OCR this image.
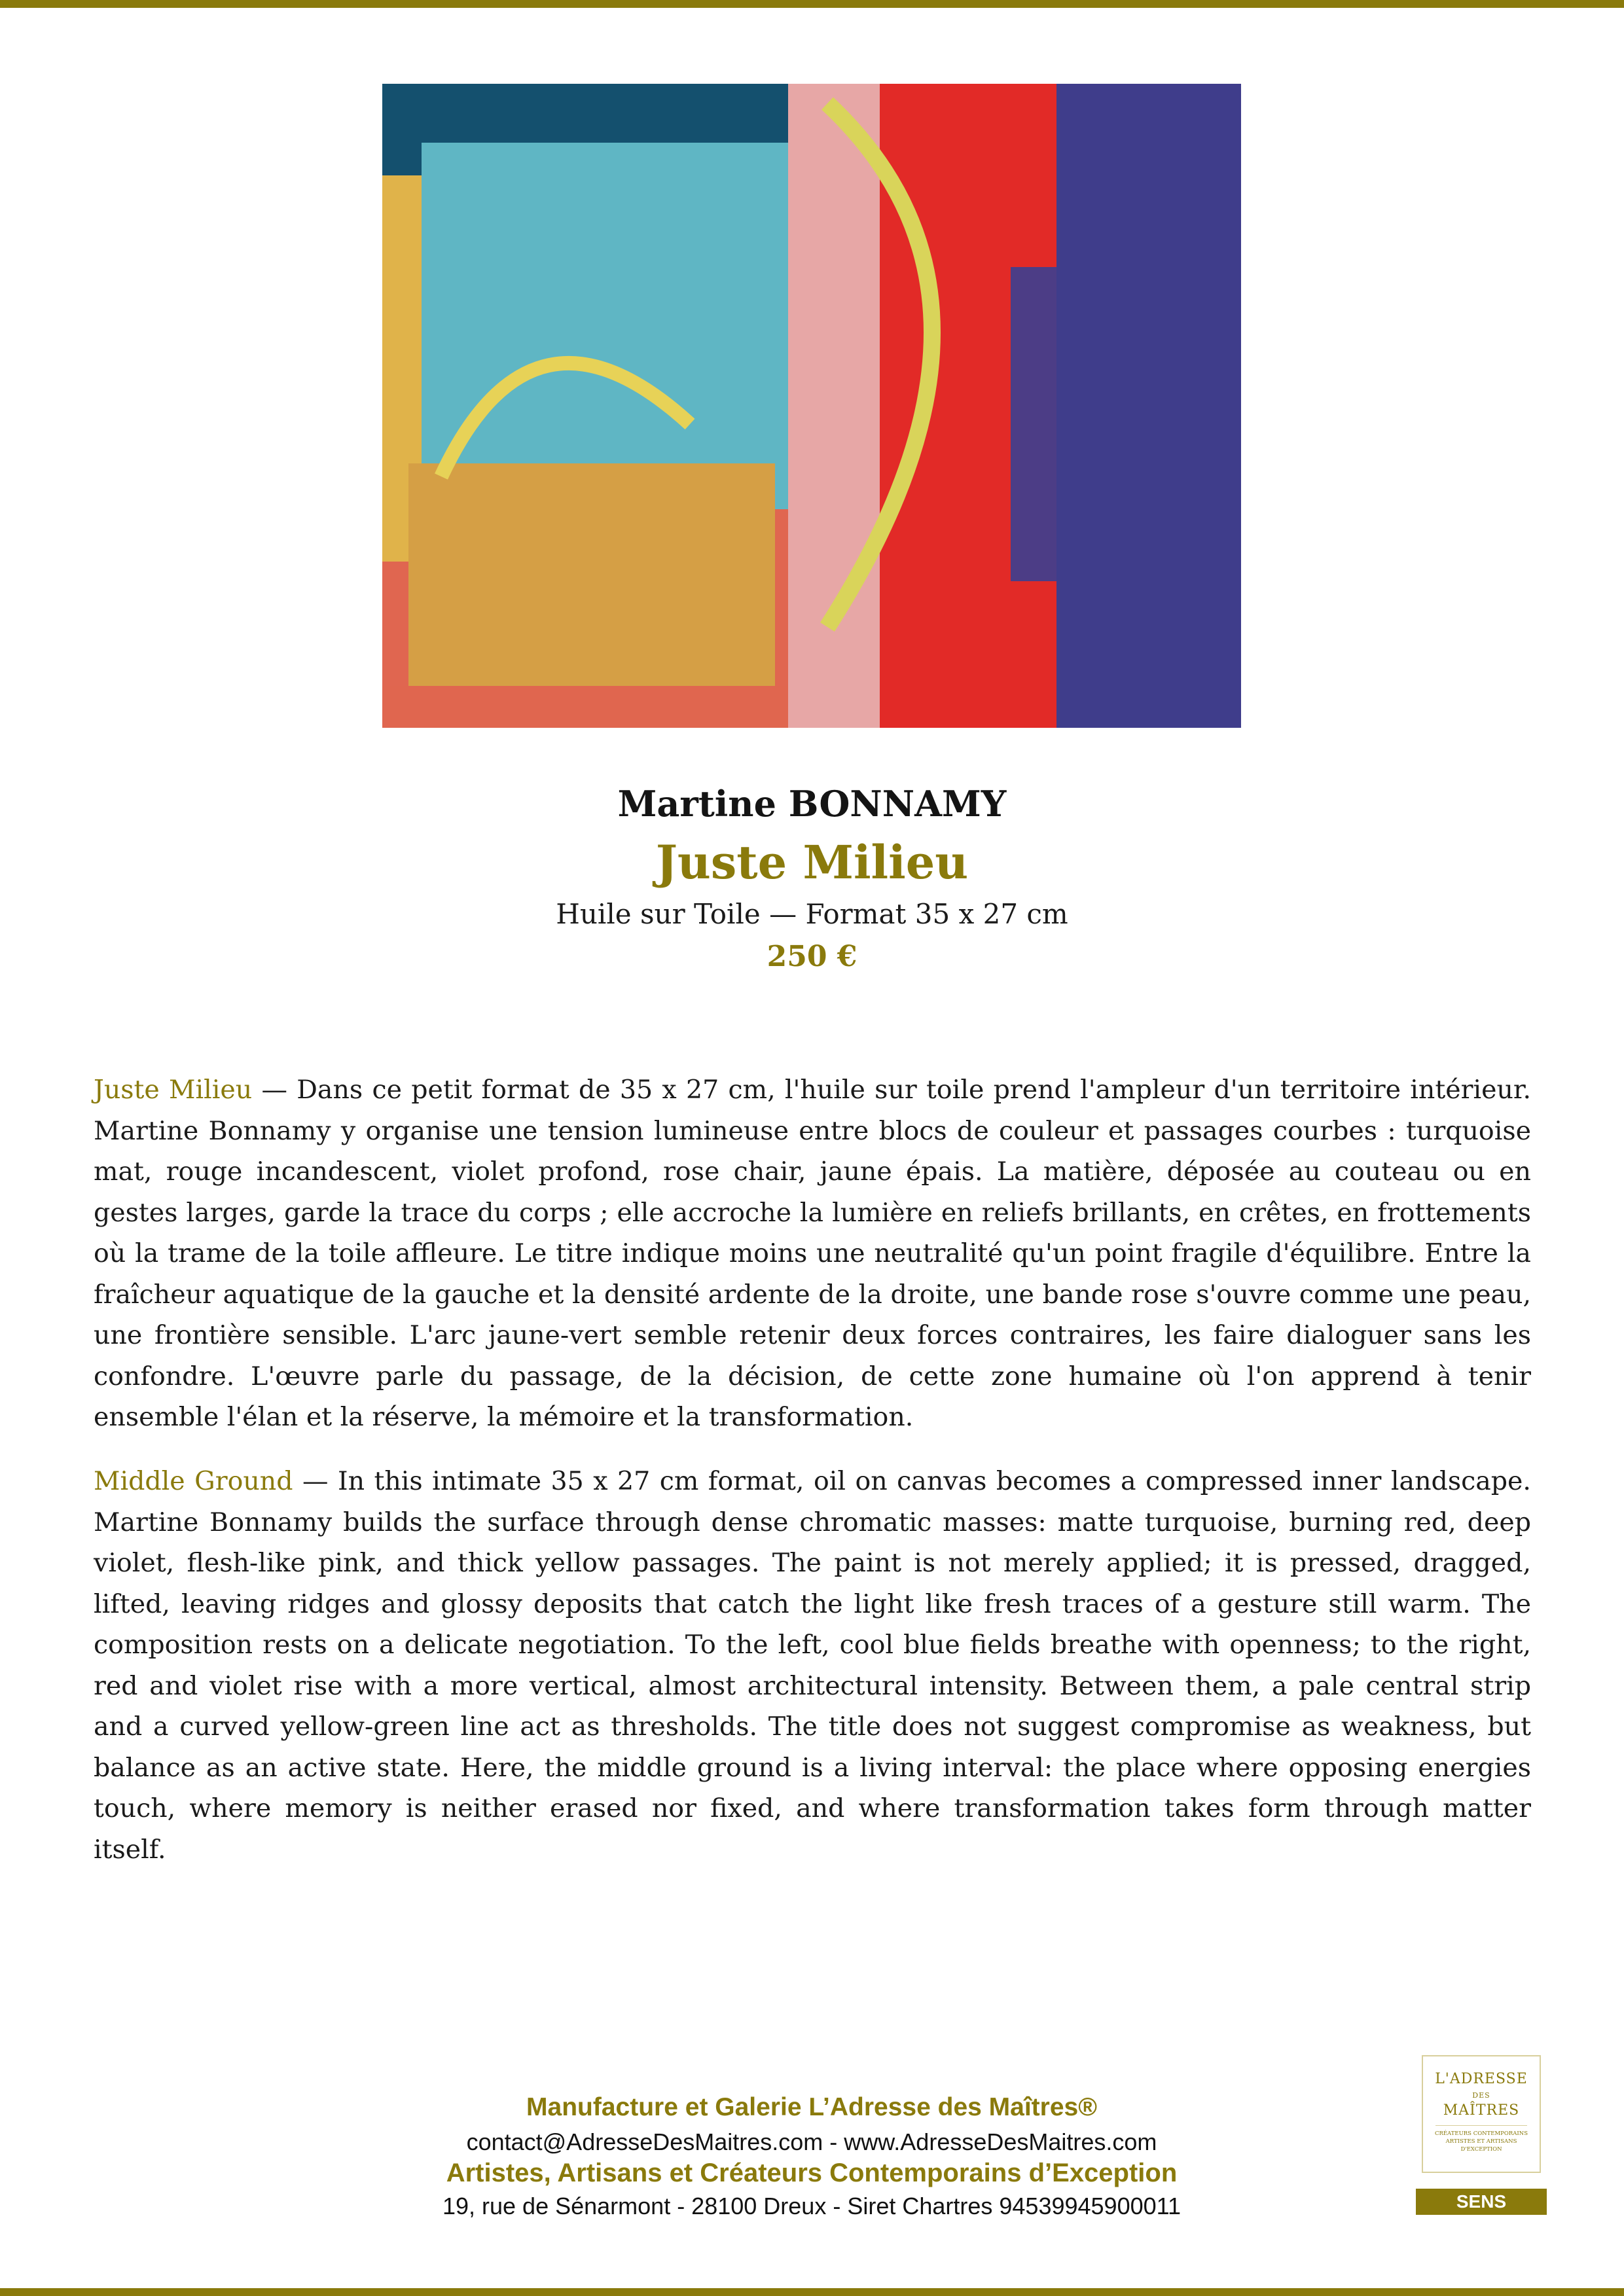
Martine BONNAMY
Juste Milieu
Huile sur Toile — Format 35 x 27 cm
250 €
Juste Milieu — Dans ce petit format de 35 x 27 cm, l'huile sur toile prend l'ampleur d'un territoire intérieur. Martine Bonnamy y organise une tension lumineuse entre blocs de couleur et passages courbes : turquoise mat, rouge incandescent, violet profond, rose chair, jaune épais. La matière, déposée au couteau ou en gestes larges, garde la trace du corps ; elle accroche la lumière en reliefs brillants, en crêtes, en frottements où la trame de la toile affleure. Le titre indique moins une neutralité qu'un point fragile d'équilibre. Entre la fraîcheur aquatique de la gauche et la densité ardente de la droite, une bande rose s'ouvre comme une peau, une frontière sensible. L'arc jaune-vert semble retenir deux forces contraires, les faire dialoguer sans les confondre. L'œuvre parle du passage, de la décision, de cette zone humaine où l'on apprend à tenir ensemble l'élan et la réserve, la mémoire et la transformation.
Middle Ground — In this intimate 35 x 27 cm format, oil on canvas becomes a compressed inner landscape. Martine Bonnamy builds the surface through dense chromatic masses: matte turquoise, burning red, deep violet, flesh-like pink, and thick yellow passages. The paint is not merely applied; it is pressed, dragged, lifted, leaving ridges and glossy deposits that catch the light like fresh traces of a gesture still warm. The composition rests on a delicate negotiation. To the left, cool blue fields breathe with openness; to the right, red and violet rise with a more vertical, almost architectural intensity. Between them, a pale central strip and a curved yellow-green line act as thresholds. The title does not suggest compromise as weakness, but balance as an active state. Here, the middle ground is a living interval: the place where opposing energies touch, where memory is neither erased nor fixed, and where transformation takes form through matter itself.
Manufacture et Galerie L’Adresse des Maîtres®
contact@AdresseDesMaitres.com - www.AdresseDesMaitres.com
Artistes, Artisans et Créateurs Contemporains d’Exception
19, rue de Sénarmont - 28100 Dreux - Siret Chartres 94539945900011
L'ADRESSE
DES
MAÎTRES
CRÉATEURS CONTEMPORAINS ARTISTES ET ARTISANS D'EXCEPTION
SENS
